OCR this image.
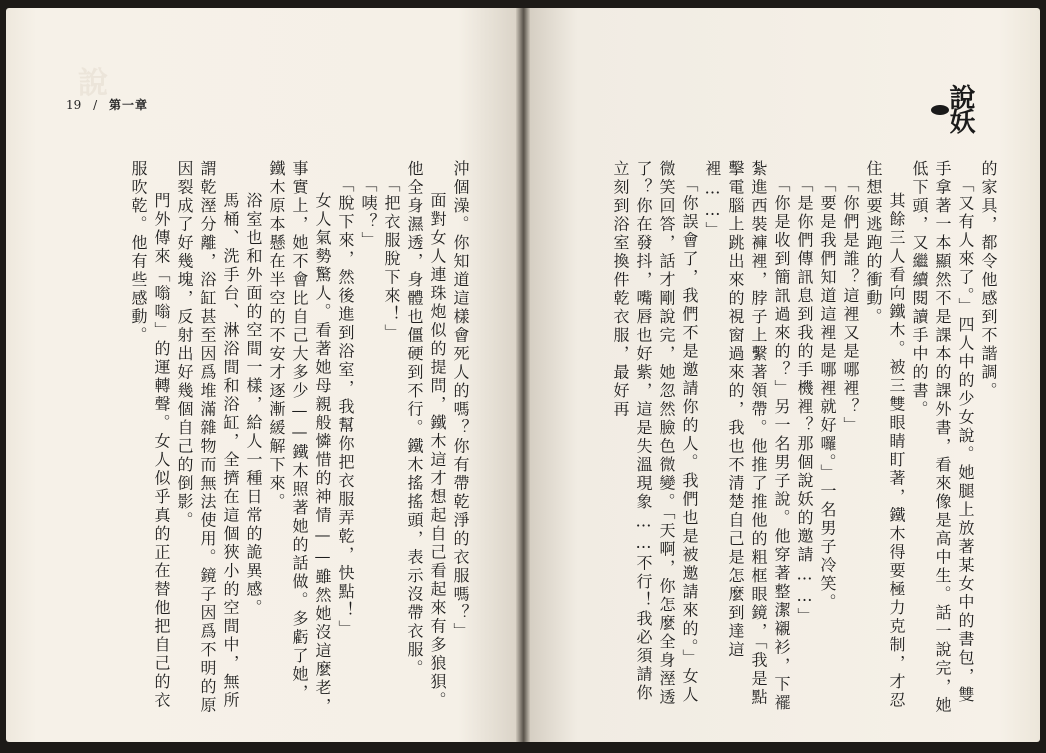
說
19 / 第一章	說妖

的家具，都令他感到不諧調。

「又有人來了。」四人中的少女說。她腿上放著某女中的書包，雙手拿著一本顯然不是課本的課外書，看來像是高中生。話一說完，她低下頭，又繼續閱讀手中的書。

其餘三人看向鐵木。被三雙眼睛盯著，鐵木得要極力克制，才忍住想要逃跑的衝動。

「你們是誰？這裡又是哪裡？」

「要是我們知道這裡是哪裡就好囉。」一名男子冷笑。

「是你們傳訊息到我的手機裡？那個說妖的邀請……」

「你是收到簡訊過來的？」另一名男子說。他穿著整潔襯衫，下襬紮進西裝褲裡，脖子上繫著領帶。他推了推他的粗框眼鏡，「我是點擊電腦上跳出來的視窗過來的，我也不清楚自己是怎麼到達這裡……」

「你誤會了，我們不是邀請你的人。我們也是被邀請來的。」女人微笑回答，話才剛說完，她忽然臉色微變。「天啊，你怎麼全身溼透了？你在發抖，嘴唇也好紫，這是失溫現象……不行！我必須請你立刻到浴室換件乾衣服，最好再

沖個澡。你知道這樣會死人的嗎？你有帶乾淨的衣服嗎？」

面對女人連珠炮似的提問，鐵木這才想起自己看起來有多狼狽。他全身濕透，身體也僵硬到不行。鐵木搖搖頭，表示沒帶衣服。

「把衣服脫下來！」

「咦？」

「脫下來，然後進到浴室，我幫你把衣服弄乾，快點！」

女人氣勢驚人。看著她母親般憐惜的神情——雖然她沒這麼老，事實上，她不會比自己大多少——鐵木照著她的話做。多虧了她，鐵木原本懸在半空的不安才逐漸緩解下來。

浴室也和外面的空間一樣，給人一種日常的詭異感。

馬桶、洗手台、淋浴間和浴缸，全擠在這個狹小的空間中，無所謂乾溼分離，浴缸甚至因爲堆滿雜物而無法使用。鏡子因爲不明的原因裂成了好幾塊，反射出好幾個自己的倒影。

門外傳來「嗡嗡」的運轉聲。女人似乎真的正在替他把自己的衣服吹乾。他有些感動。
